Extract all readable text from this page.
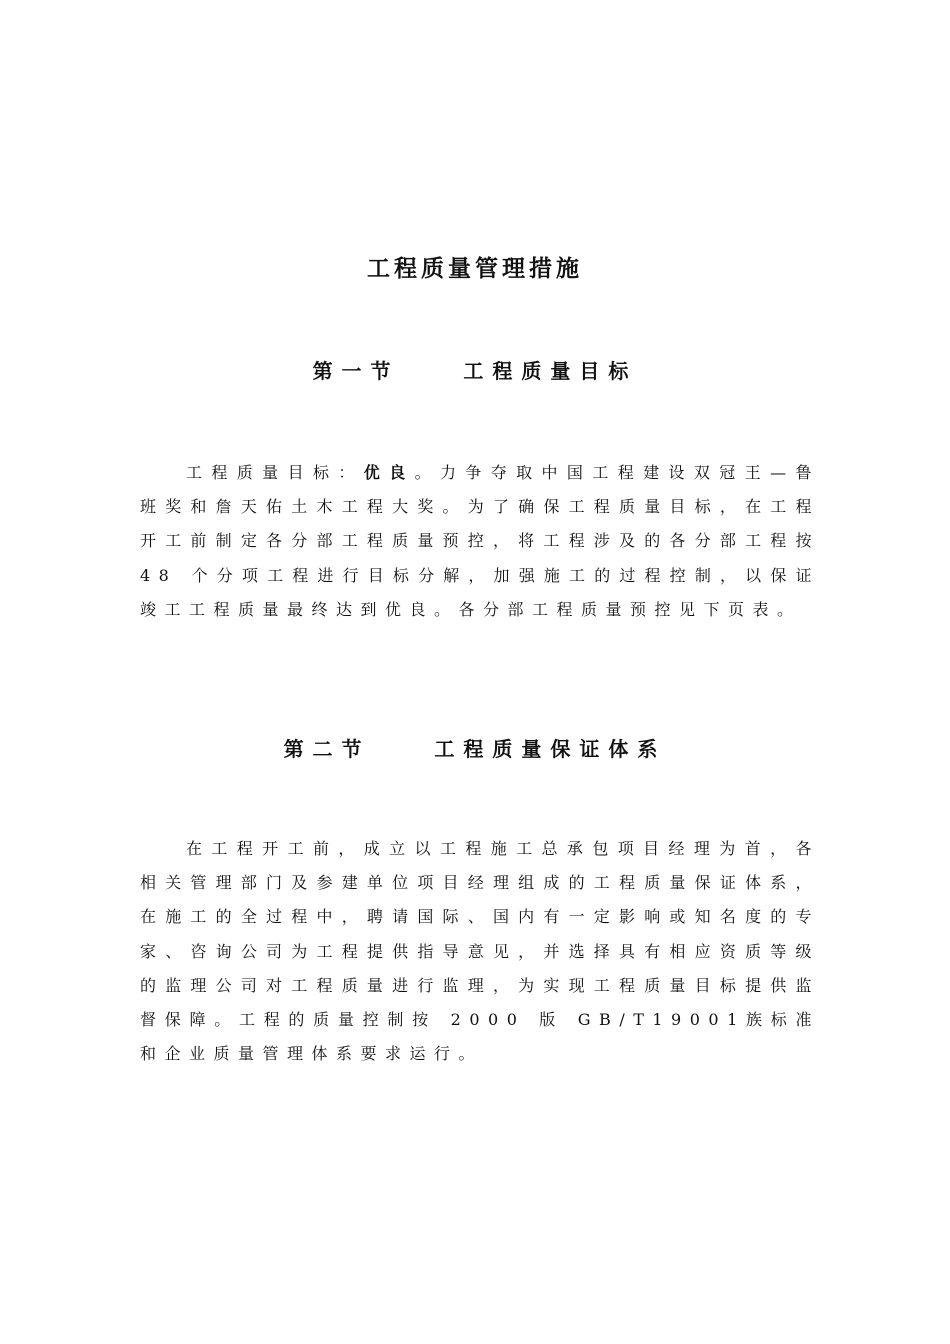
工程质量管理措施
第一节    工程质量目标

工程质量目标：优良。力争夺取中国工程建设双冠王—鲁班奖和詹天佑土木工程大奖。为了确保工程质量目标，在工程开工前制定各分部工程质量预控，将工程涉及的各分部工程按 48 个分项工程进行目标分解，加强施工的过程控制，以保证竣工工程质量最终达到优良。各分部工程质量预控见下页表。

第二节    工程质量保证体系

在工程开工前，成立以工程施工总承包项目经理为首，各相关管理部门及参建单位项目经理组成的工程质量保证体系，在施工的全过程中，聘请国际、国内有一定影响或知名度的专家、咨询公司为工程提供指导意见，并选择具有相应资质等级的监理公司对工程质量进行监理，为实现工程质量目标提供监督保障。工程的质量控制按 2000 版 GB/T19001族标准和企业质量管理体系要求运行。
